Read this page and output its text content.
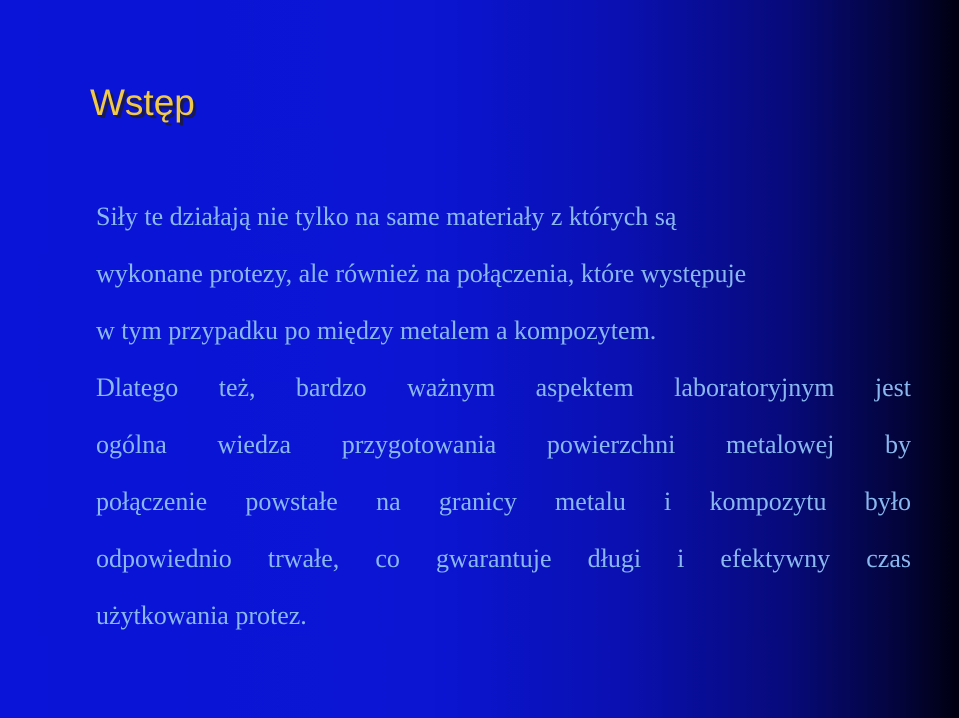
Wstęp
Siły te działają nie tylko na same materiały z których są
wykonane protezy, ale również na połączenia, które występuje
w tym przypadku po między metalem a kompozytem.
Dlatego też, bardzo ważnym aspektem laboratoryjnym jest
ogólna wiedza przygotowania powierzchni metalowej by
połączenie powstałe na granicy metalu i kompozytu było
odpowiednio trwałe, co gwarantuje długi i efektywny czas
użytkowania protez.
